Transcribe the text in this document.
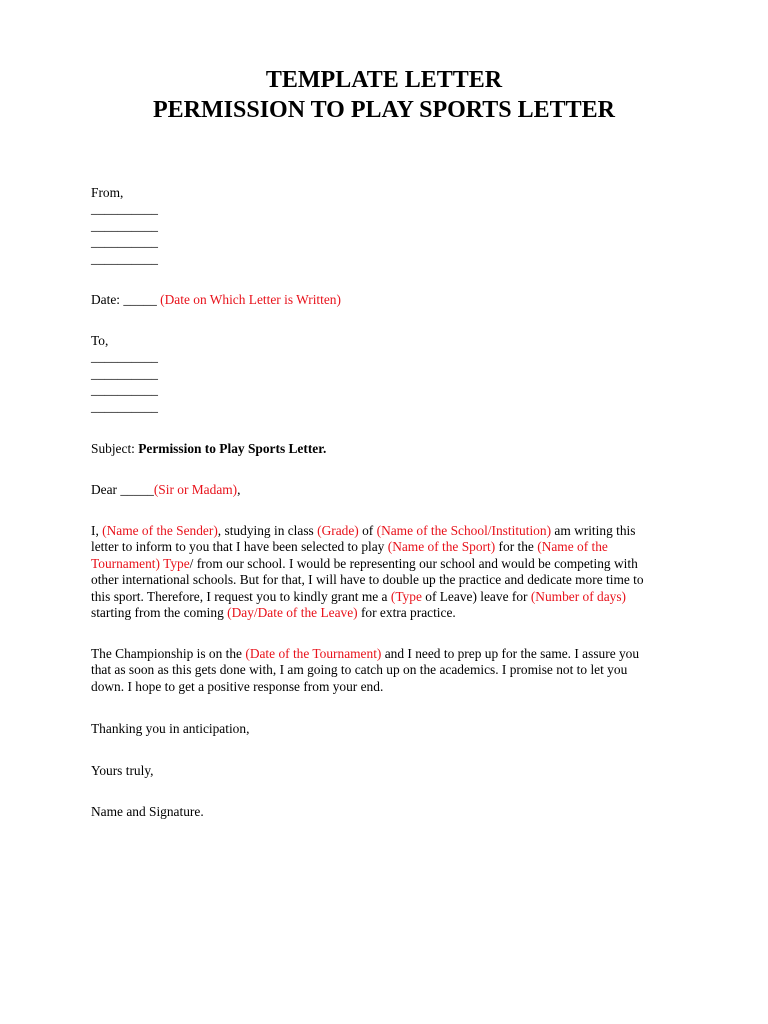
TEMPLATE LETTER
PERMISSION TO PLAY SPORTS LETTER
From,
__________
__________
__________
__________
Date: _____ (Date on Which Letter is Written)
To,
__________
__________
__________
__________
Subject: Permission to Play Sports Letter.
Dear _____(Sir or Madam),
I, (Name of the Sender), studying in class (Grade) of (Name of the School/Institution) am writing this
letter to inform to you that I have been selected to play (Name of the Sport) for the (Name of the
Tournament) Type/ from our school. I would be representing our school and would be competing with
other international schools. But for that, I will have to double up the practice and dedicate more time to
this sport. Therefore, I request you to kindly grant me a (Type of Leave) leave for (Number of days)
starting from the coming (Day/Date of the Leave) for extra practice.
The Championship is on the (Date of the Tournament) and I need to prep up for the same. I assure you
that as soon as this gets done with, I am going to catch up on the academics. I promise not to let you
down. I hope to get a positive response from your end.
Thanking you in anticipation,
Yours truly,
Name and Signature.
